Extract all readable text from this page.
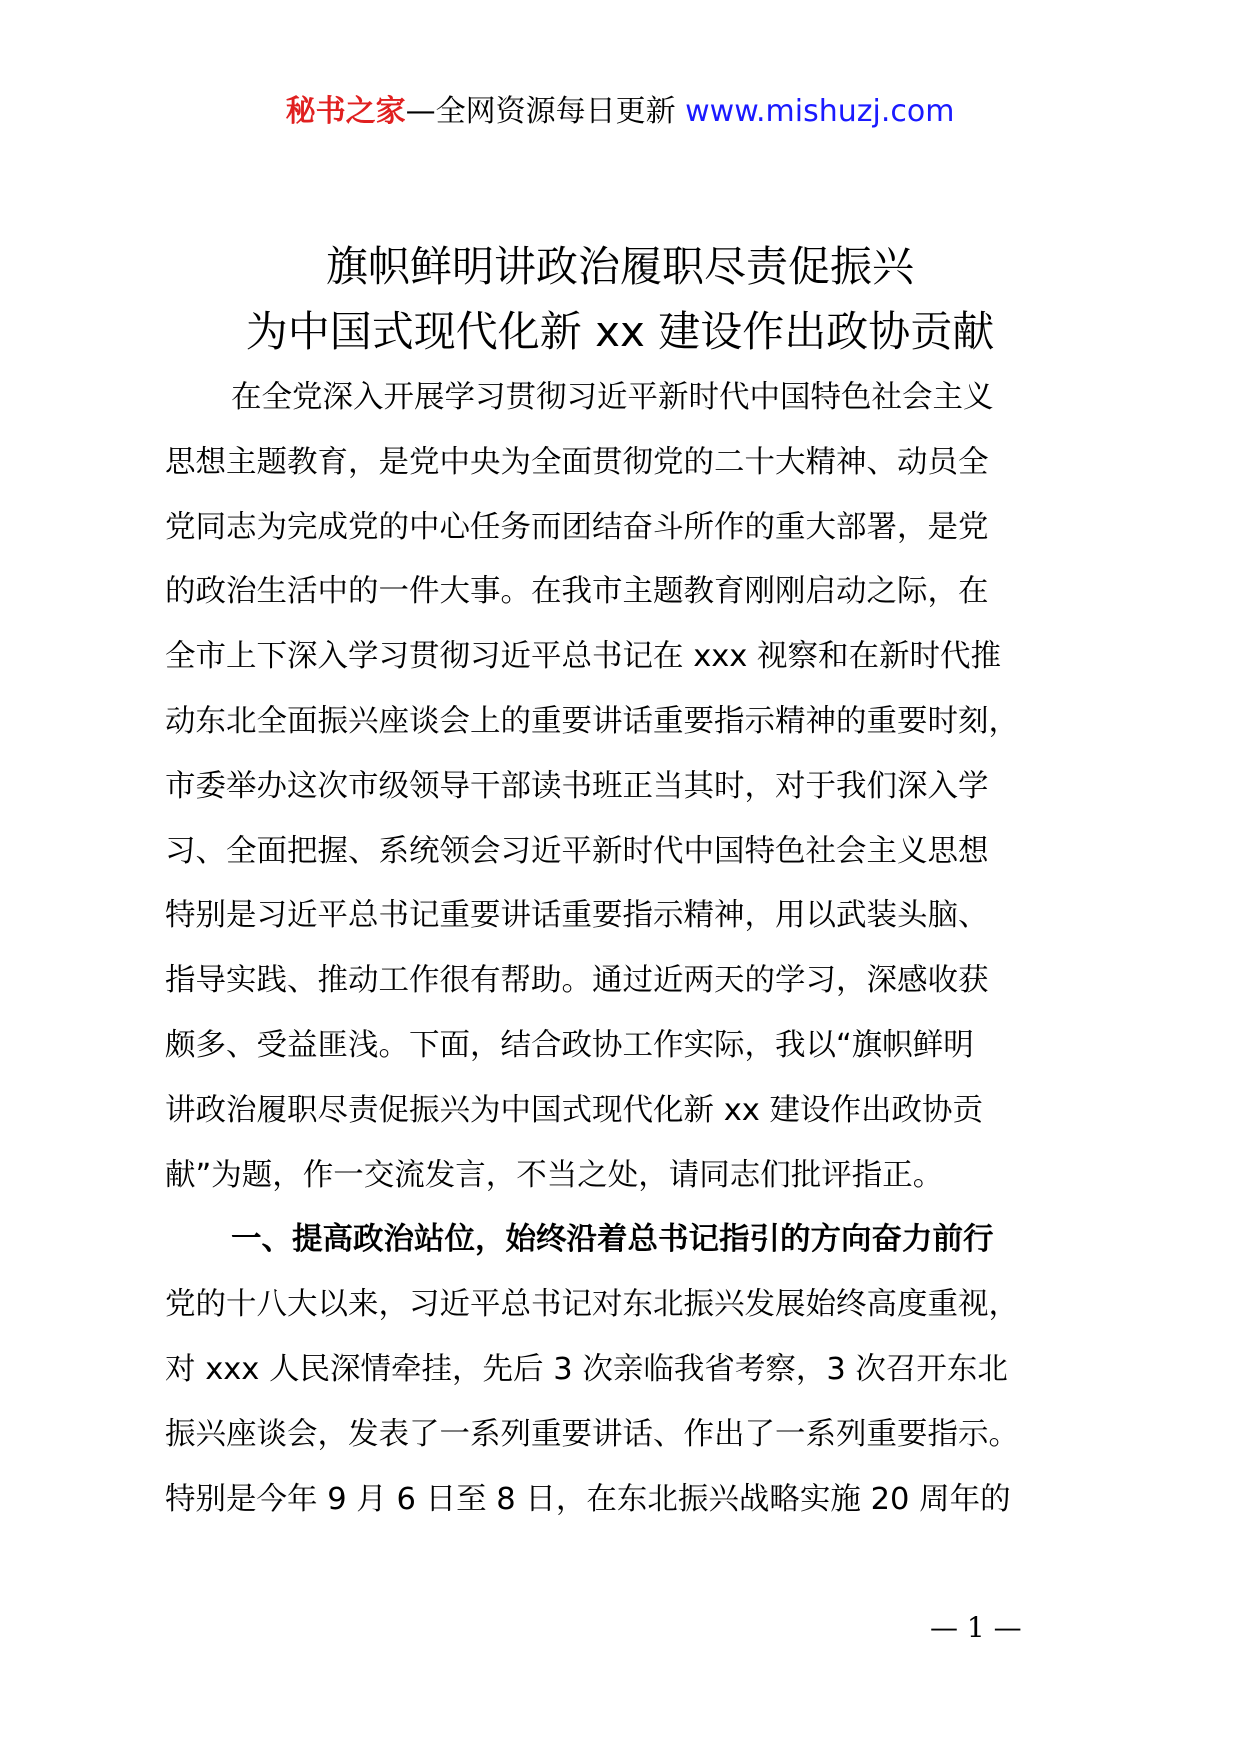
秘书之家—全网资源每日更新 www.mishuzj.com
旗帜鲜明讲政治履职尽责促振兴
为中国式现代化新 xx 建设作出政协贡献
在全党深入开展学习贯彻习近平新时代中国特色社会主义
思想主题教育，是党中央为全面贯彻党的二十大精神、动员全
党同志为完成党的中心任务而团结奋斗所作的重大部署，是党
的政治生活中的一件大事。在我市主题教育刚刚启动之际，在
全市上下深入学习贯彻习近平总书记在 xxx 视察和在新时代推
动东北全面振兴座谈会上的重要讲话重要指示精神的重要时刻，
市委举办这次市级领导干部读书班正当其时，对于我们深入学
习、全面把握、系统领会习近平新时代中国特色社会主义思想
特别是习近平总书记重要讲话重要指示精神，用以武装头脑、
指导实践、推动工作很有帮助。通过近两天的学习，深感收获
颇多、受益匪浅。下面，结合政协工作实际，我以“旗帜鲜明
讲政治履职尽责促振兴为中国式现代化新 xx 建设作出政协贡
献”为题，作一交流发言，不当之处，请同志们批评指正。
一、提高政治站位，始终沿着总书记指引的方向奋力前行
党的十八大以来，习近平总书记对东北振兴发展始终高度重视，
对 xxx 人民深情牵挂，先后 3 次亲临我省考察，3 次召开东北
振兴座谈会，发表了一系列重要讲话、作出了一系列重要指示。
特别是今年 9 月 6 日至 8 日，在东北振兴战略实施 20 周年的
— 1 —
